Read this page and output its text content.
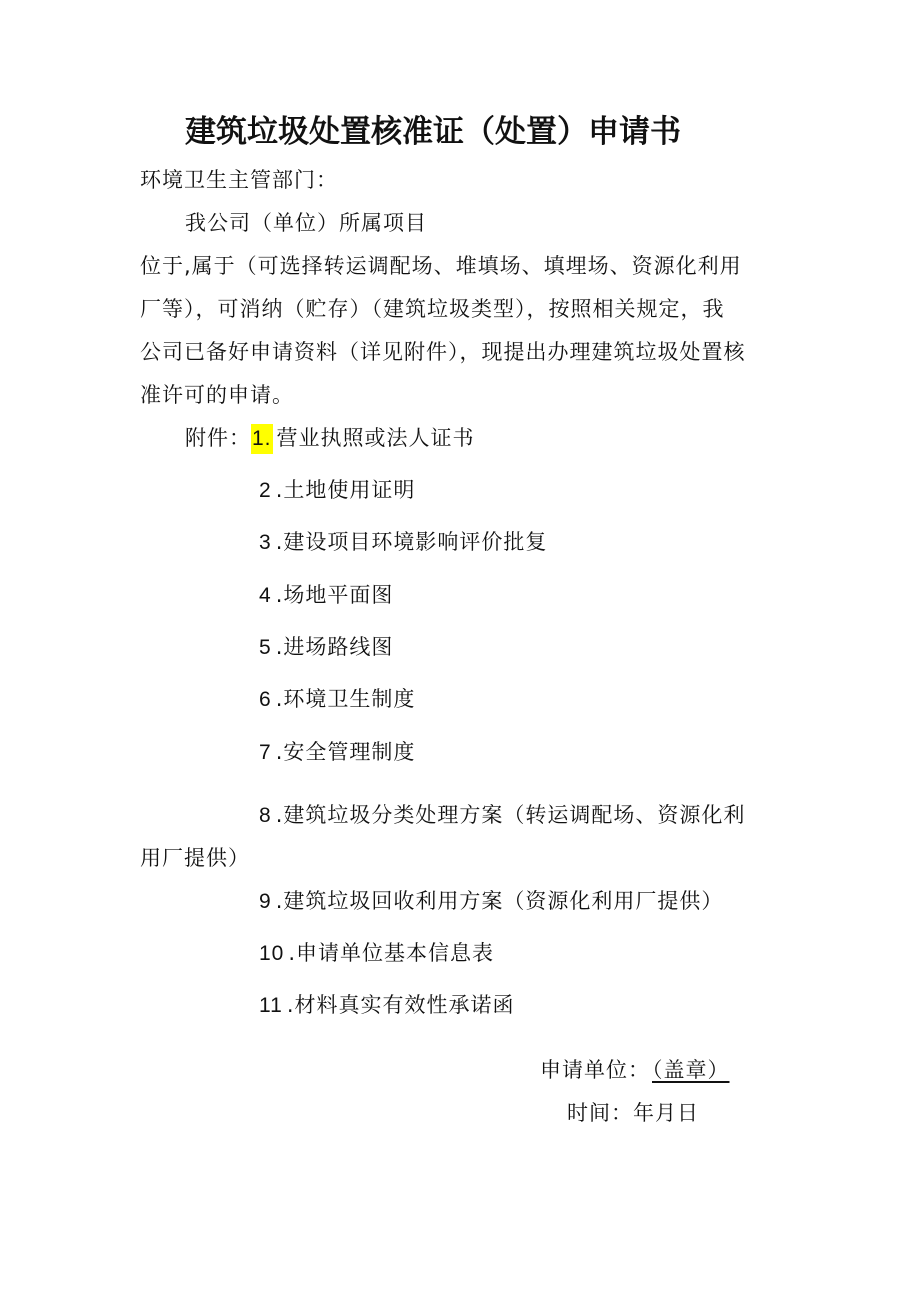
建筑垃圾处置核准证（处置）申请书
环境卫生主管部门：
我公司（单位）所属项目
位于,属于（可选择转运调配场、堆填场、填埋场、资源化利用
厂等），可消纳（贮存）（建筑垃圾类型），按照相关规定，我
公司已备好申请资料（详见附件），现提出办理建筑垃圾处置核
准许可的申请。
附件：1. 营业执照或法人证书
2 .土地使用证明
3 .建设项目环境影响评价批复
4 .场地平面图
5 .进场路线图
6 .环境卫生制度
7 .安全管理制度
8 .建筑垃圾分类处理方案（转运调配场、资源化利
用厂提供）
9 .建筑垃圾回收利用方案（资源化利用厂提供）
10 .申请单位基本信息表
11 .材料真实有效性承诺函
申请单位：（盖章）
时间：年月日
